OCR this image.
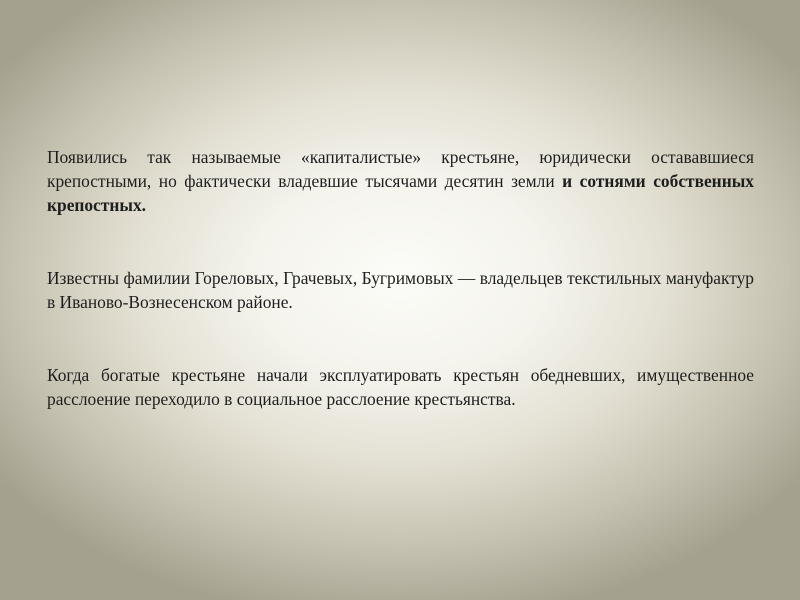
Появились так называемые «капиталистые» крестьяне, юридически остававшиеся крепостными, но фактически владевшие тысячами десятин земли и сотнями собственных крепостных.

Известны фамилии Гореловых, Грачевых, Бугримовых — владельцев текстильных мануфактур в Иваново-Вознесенском районе.

Когда богатые крестьяне начали эксплуатировать крестьян обедневших, имущественное расслоение переходило в социальное расслоение крестьянства.
